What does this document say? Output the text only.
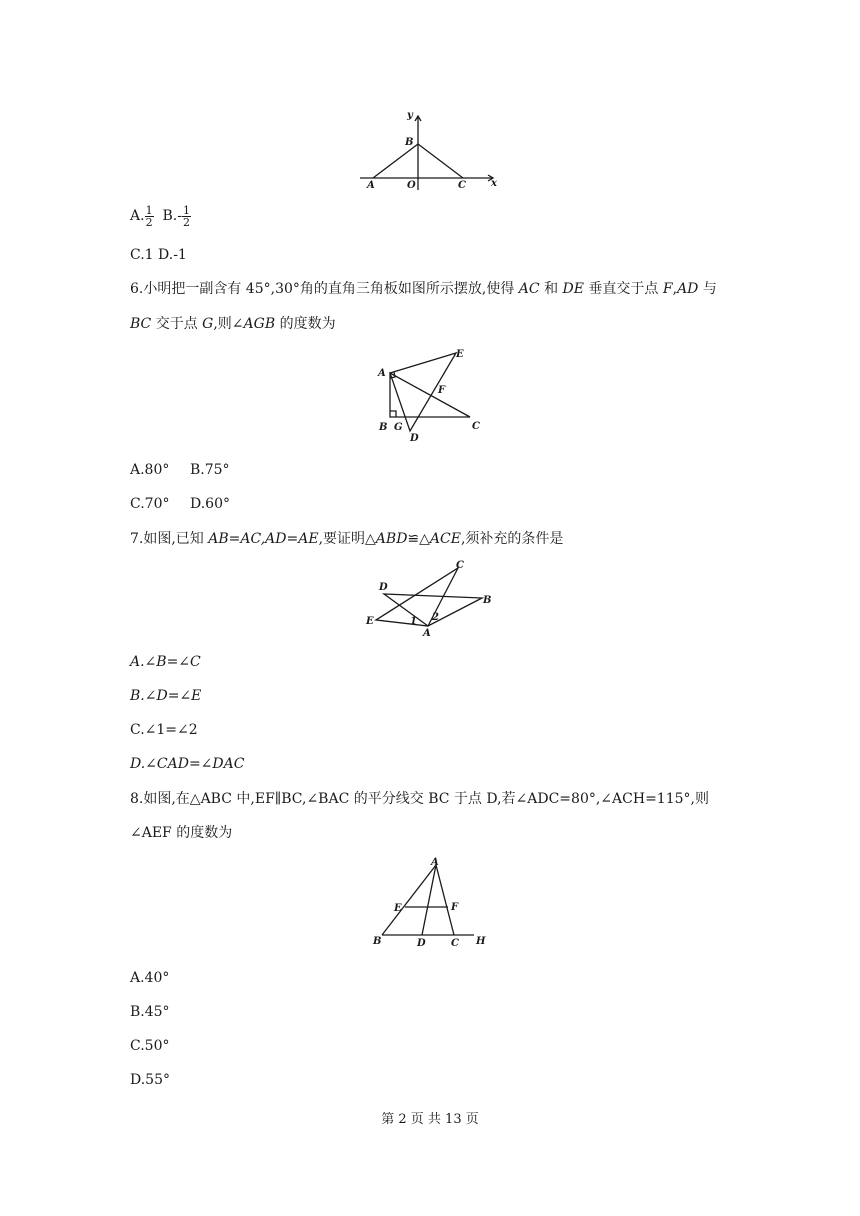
y
B
A	O	C	x
A. $\frac{1}{2} B.- \frac{1}{2}$
C.1 D.-1
6.小明把一副含有 45°,30°角的直角三角板如图所示摆放,使得 AC 和 DE 垂直交于点 F,AD 与
BC 交于点 G,则∠AGB 的度数为
A
E
F
B G
D
C
A.80° B.75°
C.70° D.60°
7.如图,已知 AB=AC,AD=AE,要证明△ABD≌△ACE,须补充的条件是
D
C
B
E
A
1 2
A.∠B=∠C
B.∠D=∠E
C.∠1=∠2
D.∠CAD=∠DAC
8.如图,在△ABC 中,EF∥BC,∠BAC 的平分线交 BC 于点 D,若∠ADC=80°,∠ACH=115°,则
∠AEF 的度数为
A
E	F
B	D	C H
A.40°
B.45°
C.50°
D.55°
第 2 页 共 13 页
